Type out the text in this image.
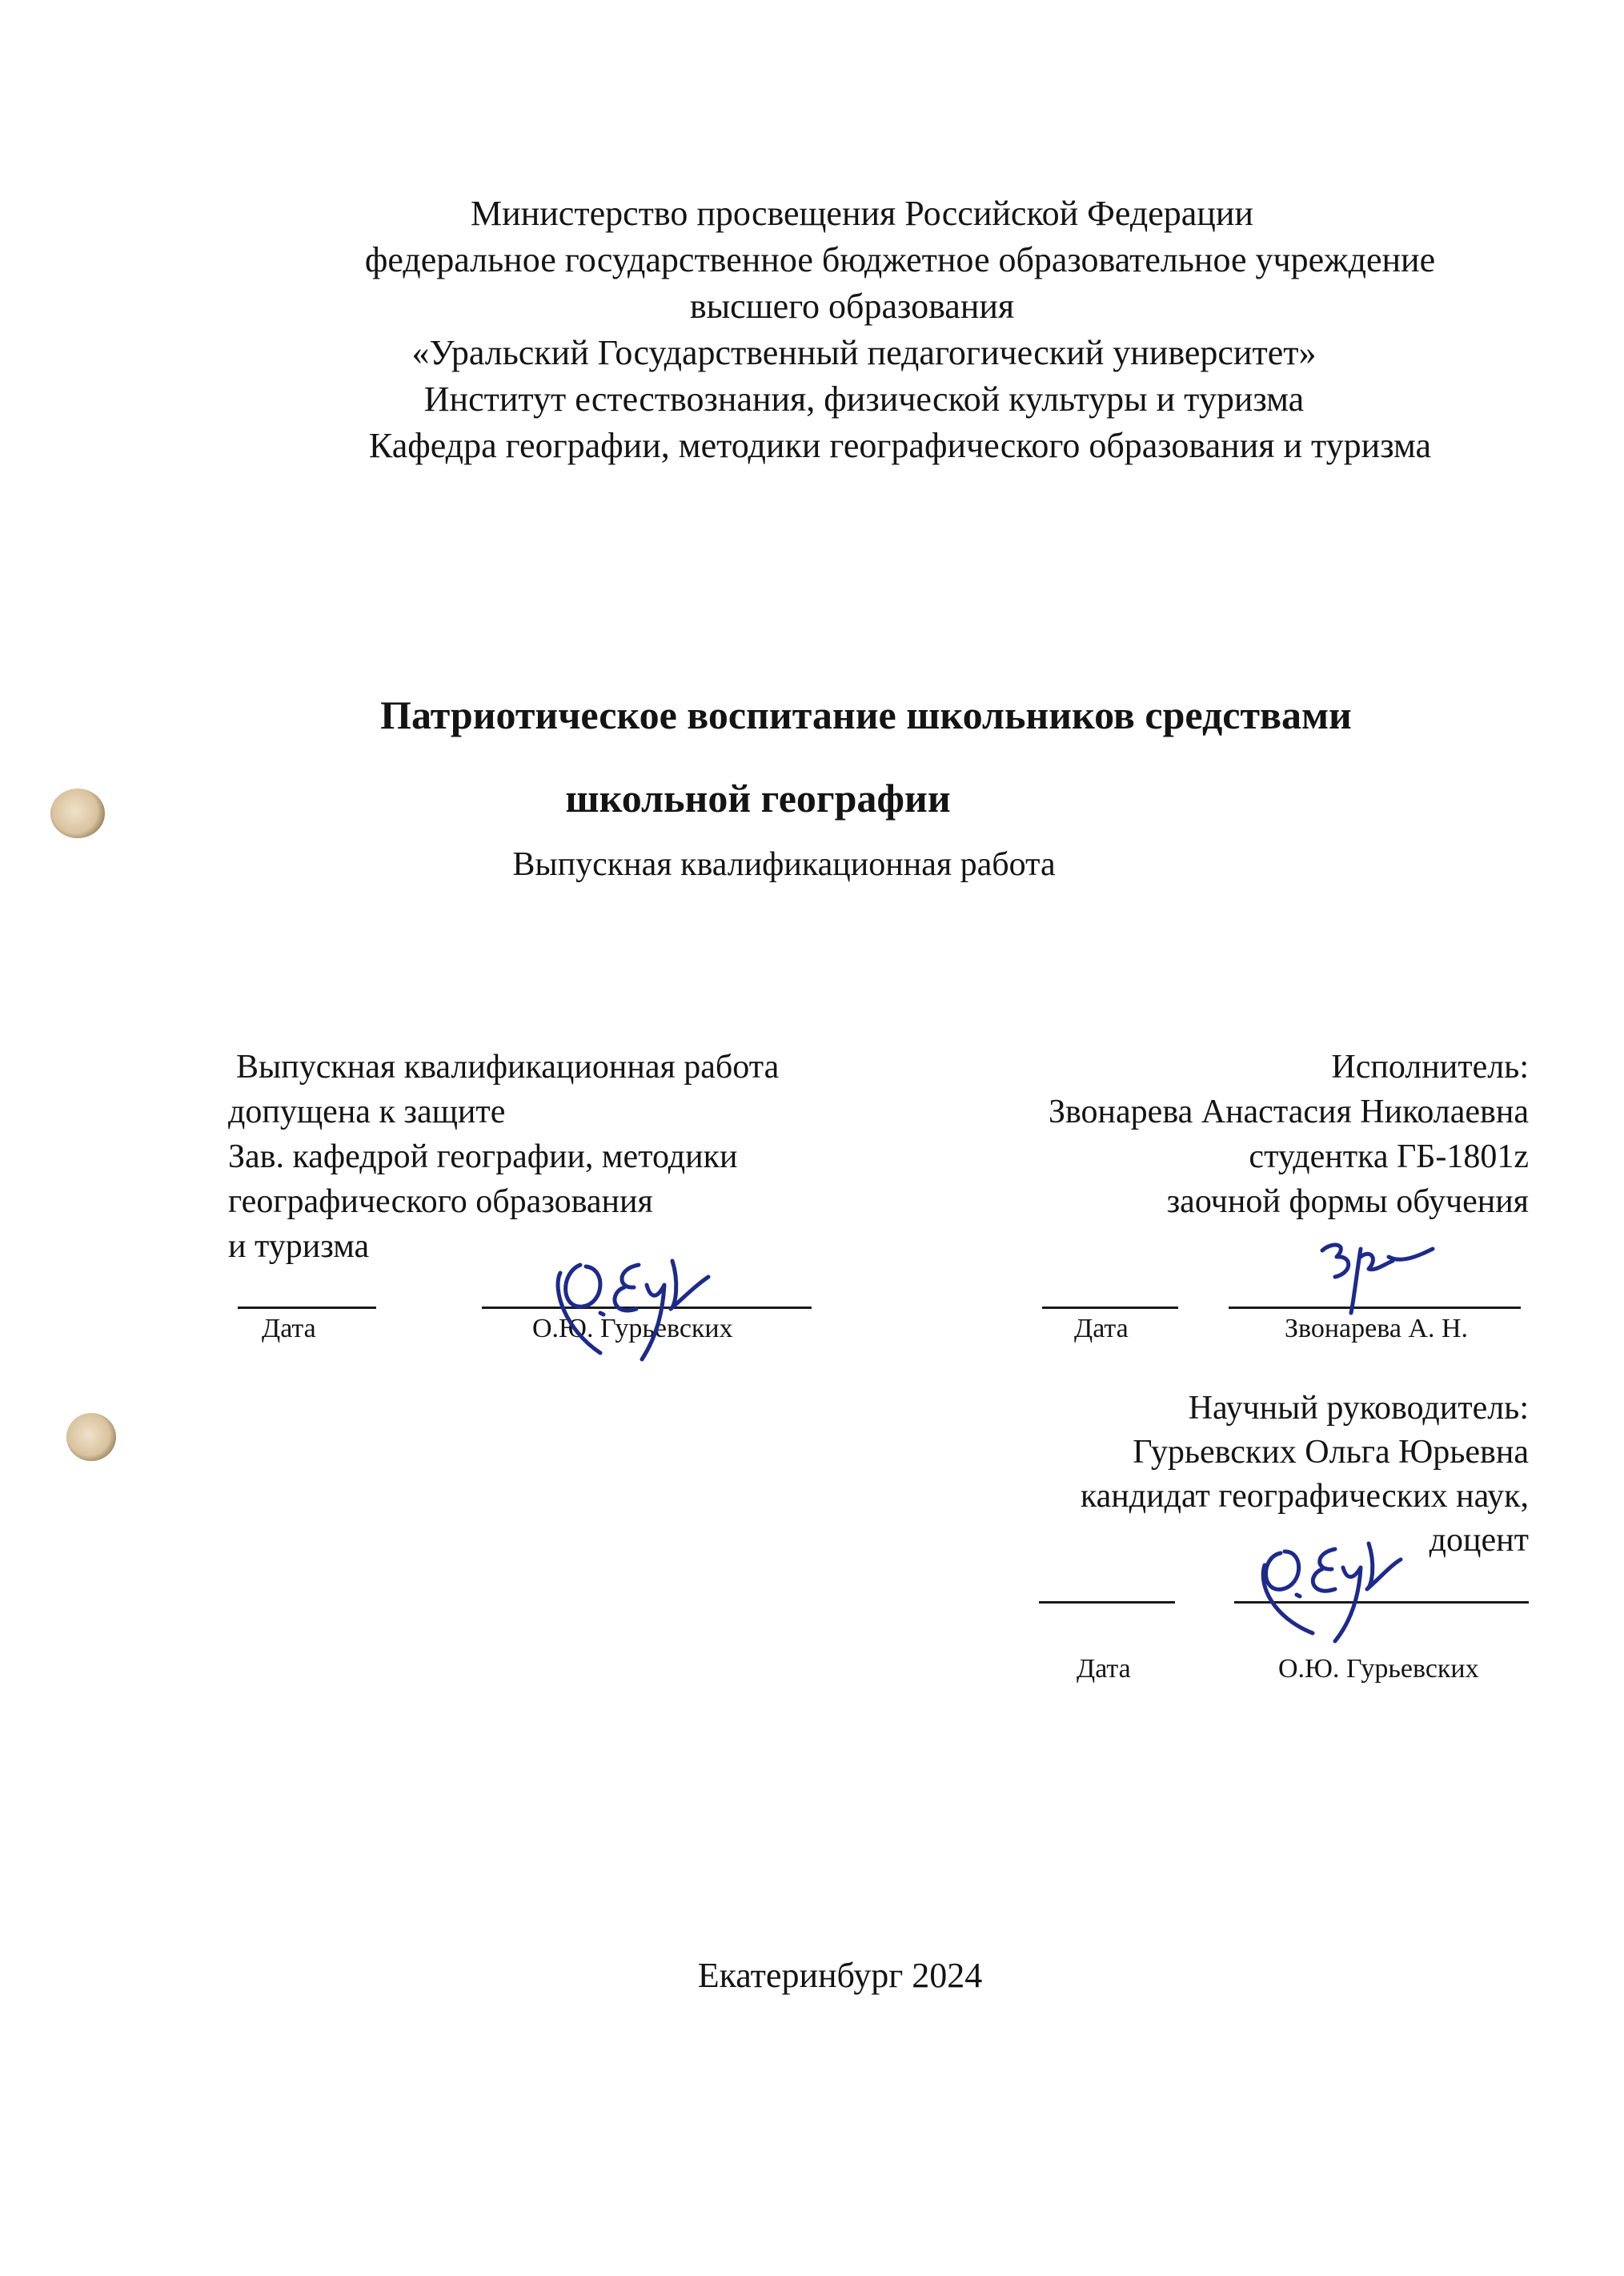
Министерство просвещения Российской Федерации
федеральное государственное бюджетное образовательное учреждение
высшего образования
«Уральский Государственный педагогический университет»
Институт естествознания, физической культуры и туризма
Кафедра географии, методики географического образования и туризма
Патриотическое воспитание школьников средствами
школьной географии
Выпускная квалификационная работа
Выпускная квалификационная работа
допущена к защите
Зав. кафедрой географии, методики
географического образования
и туризма
Исполнитель:
Звонарева Анастасия Николаевна
студентка ГБ-1801z
заочной формы обучения
Дата	О.Ю. Гурьевских	Дата	Звонарева А. Н.
Научный руководитель:
Гурьевских Ольга Юрьевна
кандидат географических наук,
доцент
Дата	О.Ю. Гурьевских
Екатеринбург 2024
